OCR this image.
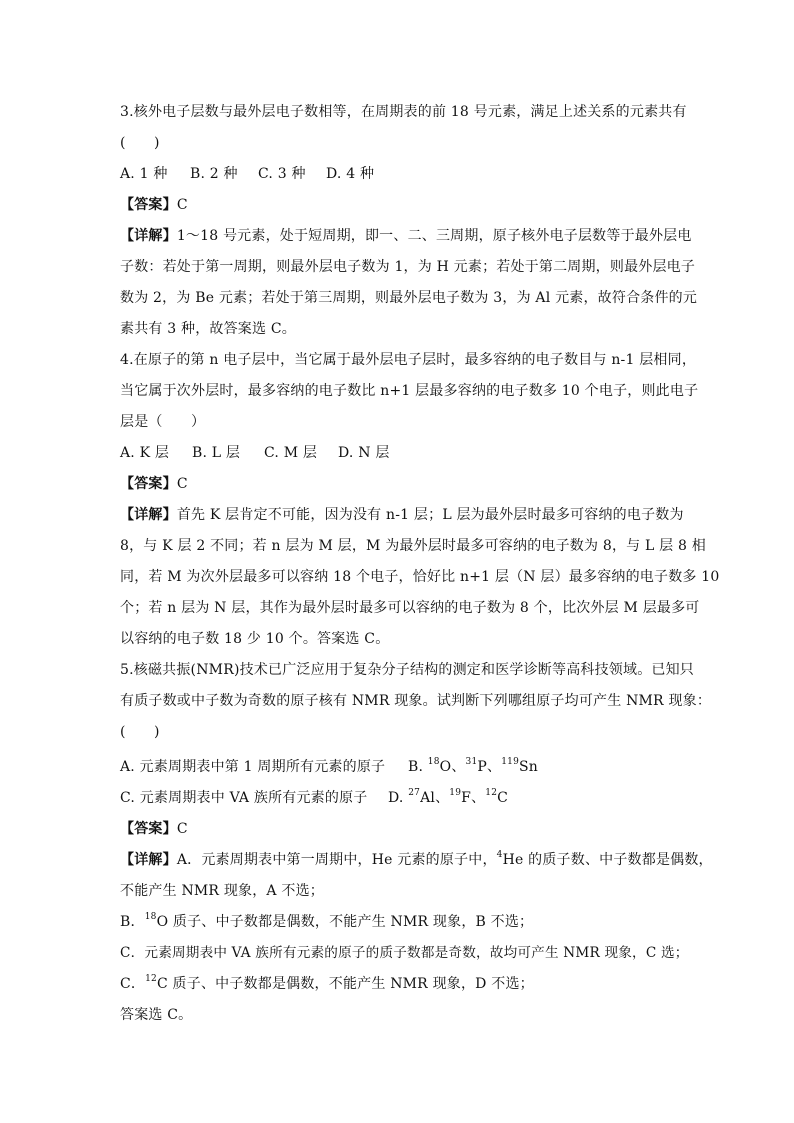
3.核外电子层数与最外层电子数相等，在周期表的前 18 号元素，满足上述关系的元素共有
(　　)
A. 1 种 B. 2 种 C. 3 种 D. 4 种
【答案】C
【详解】1～18 号元素，处于短周期，即一、二、三周期，原子核外电子层数等于最外层电
子数：若处于第一周期，则最外层电子数为 1，为 H 元素；若处于第二周期，则最外层电子
数为 2，为 Be 元素；若处于第三周期，则最外层电子数为 3，为 Al 元素，故符合条件的元
素共有 3 种，故答案选 C。
4.在原子的第 n 电子层中，当它属于最外层电子层时，最多容纳的电子数目与 n-1 层相同，
当它属于次外层时，最多容纳的电子数比 n+1 层最多容纳的电子数多 10 个电子，则此电子
层是（　　）
A. K 层 B. L 层 C. M 层 D. N 层
【答案】C
【详解】首先 K 层肯定不可能，因为没有 n-1 层；L 层为最外层时最多可容纳的电子数为
8，与 K 层 2 不同；若 n 层为 M 层，M 为最外层时最多可容纳的电子数为 8，与 L 层 8 相
同，若 M 为次外层最多可以容纳 18 个电子，恰好比 n+1 层（N 层）最多容纳的电子数多 10
个；若 n 层为 N 层，其作为最外层时最多可以容纳的电子数为 8 个，比次外层 M 层最多可
以容纳的电子数 18 少 10 个。答案选 C。
5.核磁共振(NMR)技术已广泛应用于复杂分子结构的测定和医学诊断等高科技领域。已知只
有质子数或中子数为奇数的原子核有 NMR 现象。试判断下列哪组原子均可产生 NMR 现象：
(　　)
A. 元素周期表中第 1 周期所有元素的原子 B. $^{18}$O、$^{31}$P、$^{119}$Sn
C. 元素周期表中 VA 族所有元素的原子 D. $^{27}$Al、$^{19}$F、$^{12}$C
【答案】C
【详解】A．元素周期表中第一周期中，He 元素的原子中，$^4$He 的质子数、中子数都是偶数，
不能产生 NMR 现象，A 不选；
B．$^{18}$O 质子、中子数都是偶数，不能产生 NMR 现象，B 不选；
C．元素周期表中 VA 族所有元素的原子的质子数都是奇数，故均可产生 NMR 现象，C 选；
C．$^{12}$C 质子、中子数都是偶数，不能产生 NMR 现象，D 不选；
答案选 C。
